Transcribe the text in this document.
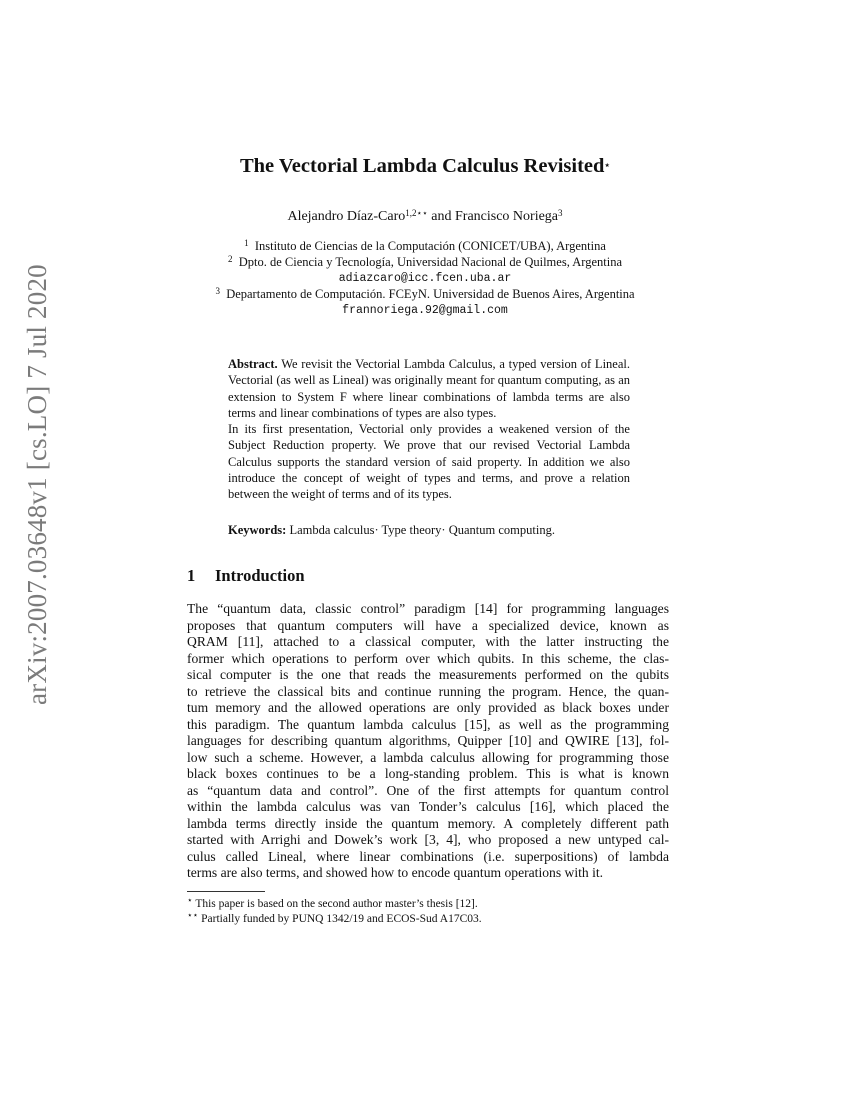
arXiv:2007.03648v1 [cs.LO] 7 Jul 2020
The Vectorial Lambda Calculus Revisited⋆
Alejandro Díaz-Caro$^{1,2⋆⋆}$ and Francisco Noriega$^3$
$^1$ Instituto de Ciencias de la Computación (CONICET/UBA), Argentina
$^2$ Dpto. de Ciencia y Tecnología, Universidad Nacional de Quilmes, Argentina
adiazcaro@icc.fcen.uba.ar
$^3$ Departamento de Computación. FCEyN. Universidad de Buenos Aires, Argentina
frannoriega.92@gmail.com

Abstract. We revisit the Vectorial Lambda Calculus, a typed version of Lineal. Vectorial (as well as Lineal) was originally meant for quantum computing, as an extension to System F where linear combinations of lambda terms are also terms and linear combinations of types are also types.

In its first presentation, Vectorial only provides a weakened version of the Subject Reduction property. We prove that our revised Vectorial Lambda Calculus supports the standard version of said property. In addition we also introduce the concept of weight of types and terms, and prove a relation between the weight of terms and of its types.

Keywords: Lambda calculus· Type theory· Quantum computing.
1 Introduction
The “quantum data, classic control” paradigm [14] for programming languages
proposes that quantum computers will have a specialized device, known as
QRAM [11], attached to a classical computer, with the latter instructing the
former which operations to perform over which qubits. In this scheme, the clas-
sical computer is the one that reads the measurements performed on the qubits
to retrieve the classical bits and continue running the program. Hence, the quan-
tum memory and the allowed operations are only provided as black boxes under
this paradigm. The quantum lambda calculus [15], as well as the programming
languages for describing quantum algorithms, Quipper [10] and QWIRE [13], fol-
low such a scheme. However, a lambda calculus allowing for programming those
black boxes continues to be a long-standing problem. This is what is known
as “quantum data and control”. One of the first attempts for quantum control
within the lambda calculus was van Tonder’s calculus [16], which placed the
lambda terms directly inside the quantum memory. A completely different path
started with Arrighi and Dowek’s work [3, 4], who proposed a new untyped cal-
culus called Lineal, where linear combinations (i.e. superpositions) of lambda
terms are also terms, and showed how to encode quantum operations with it.
⋆ This paper is based on the second author master’s thesis [12].
⋆⋆ Partially funded by PUNQ 1342/19 and ECOS-Sud A17C03.
